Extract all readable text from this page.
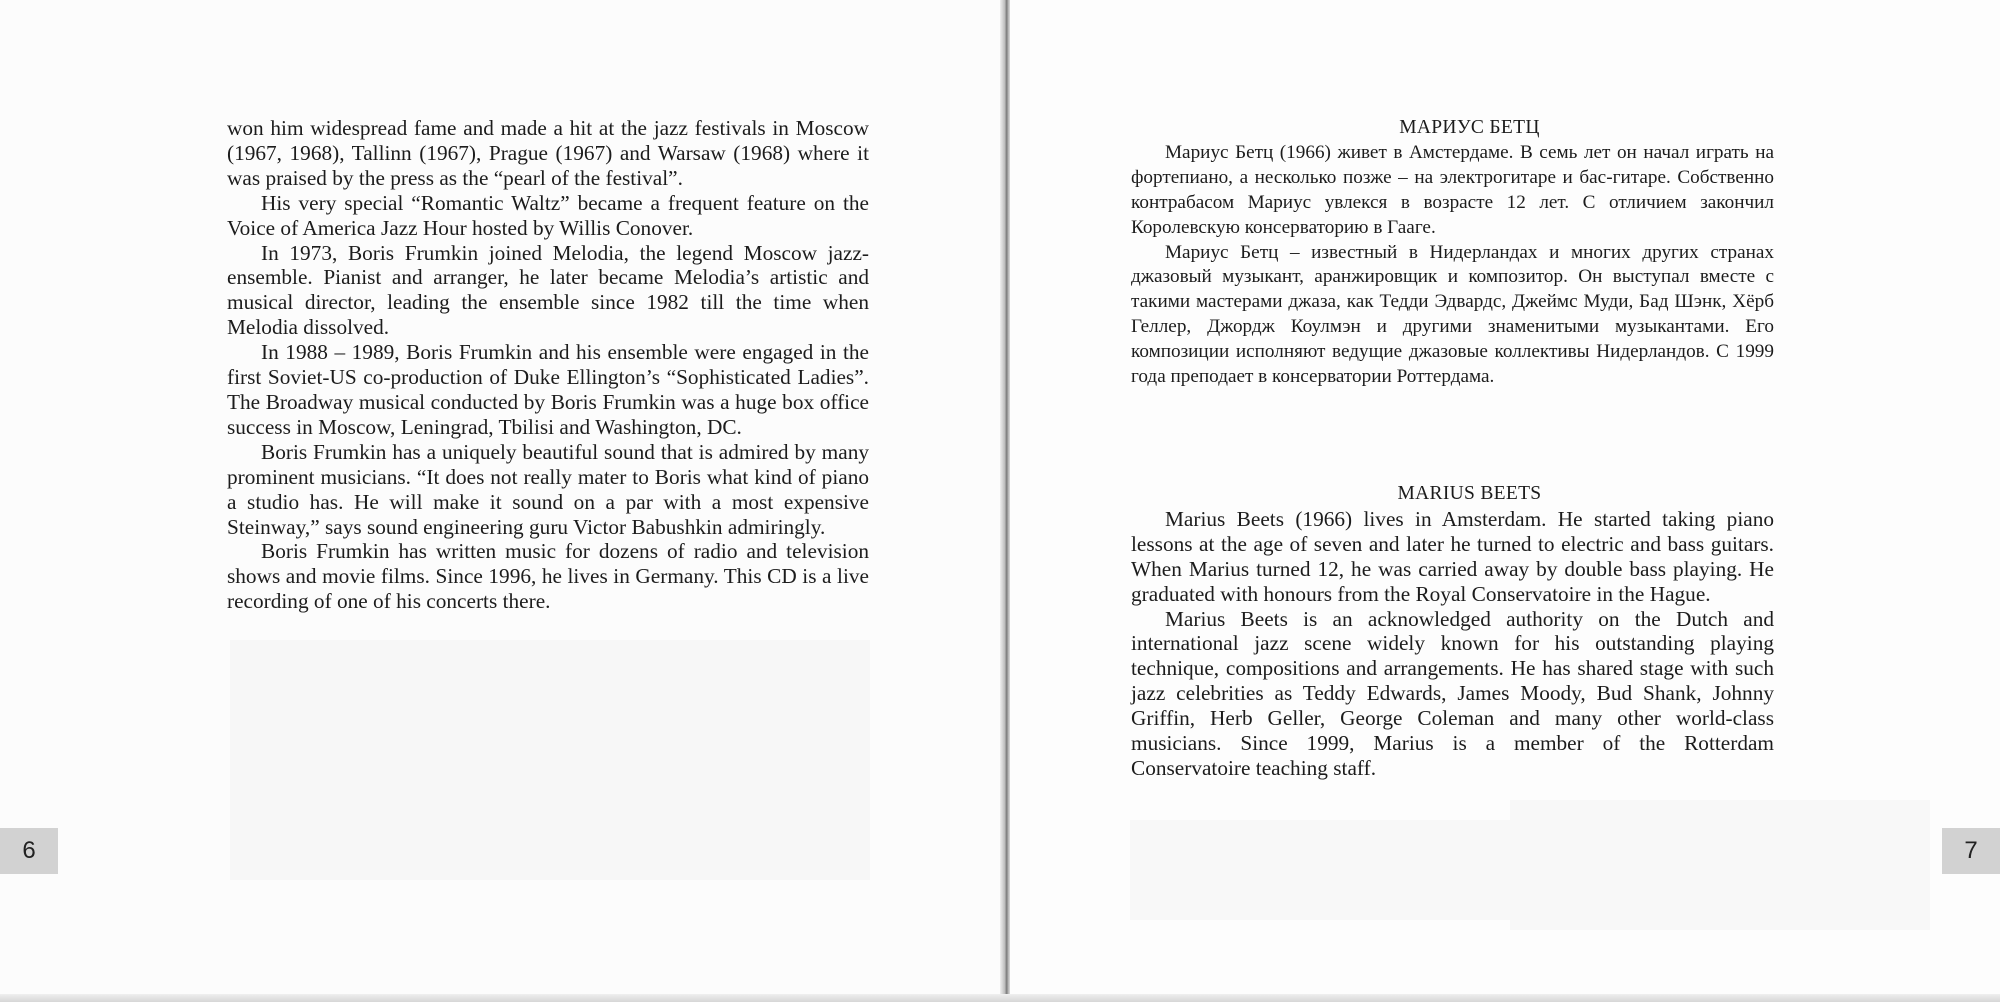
won him widespread fame and made a hit at the jazz festivals in Moscow (1967, 1968), Tallinn (1967), Prague (1967) and Warsaw (1968) where it was praised by the press as the “pearl of the festival”.

His very special “Romantic Waltz” became a frequent feature on the Voice of America Jazz Hour hosted by Willis Conover.

In 1973, Boris Frumkin joined Melodia, the legend Moscow jazz-ensemble. Pianist and arranger, he later became Melodia’s artistic and musical director, leading the ensemble since 1982 till the time when Melodia dissolved.

In 1988 – 1989, Boris Frumkin and his ensemble were engaged in the first Soviet-US co-production of Duke Ellington’s “Sophisticated Ladies”. The Broadway musical conducted by Boris Frumkin was a huge box office success in Moscow, Leningrad, Tbilisi and Washington, DC.

Boris Frumkin has a uniquely beautiful sound that is admired by many prominent musicians. “It does not really mater to Boris what kind of piano a studio has. He will make it sound on a par with a most expensive Steinway,” says sound engineering guru Victor Babushkin admiringly.

Boris Frumkin has written music for dozens of radio and television shows and movie films. Since 1996, he lives in Germany. This CD is a live recording of one of his concerts there.

6

МАРИУС БЕТЦ

Мариус Бетц (1966) живет в Амстердаме. В семь лет он начал играть на фортепиано, а несколько позже – на электрогитаре и бас-гитаре. Собственно контрабасом Мариус увлекся в возрасте 12 лет. С отличием закончил Королевскую консерваторию в Гааге.

Мариус Бетц – известный в Нидерландах и многих других странах джазовый музыкант, аранжировщик и композитор. Он выступал вместе с такими мастерами джаза, как Тедди Эдвардс, Джеймс Муди, Бад Шэнк, Хёрб Геллер, Джордж Коулмэн и другими знаменитыми музыкантами. Его композиции исполняют ведущие джазовые коллективы Нидерландов. С 1999 года преподает в консерватории Роттердама.

MARIUS BEETS

Marius Beets (1966) lives in Amsterdam. He started taking piano lessons at the age of seven and later he turned to electric and bass guitars. When Marius turned 12, he was carried away by double bass playing. He graduated with honours from the Royal Conservatoire in the Hague.

Marius Beets is an acknowledged authority on the Dutch and international jazz scene widely known for his outstanding playing technique, compositions and arrangements. He has shared stage with such jazz celebrities as Teddy Edwards, James Moody, Bud Shank, Johnny Griffin, Herb Geller, George Coleman and many other world-class musicians. Since 1999, Marius is a member of the Rotterdam Conservatoire teaching staff.

7
